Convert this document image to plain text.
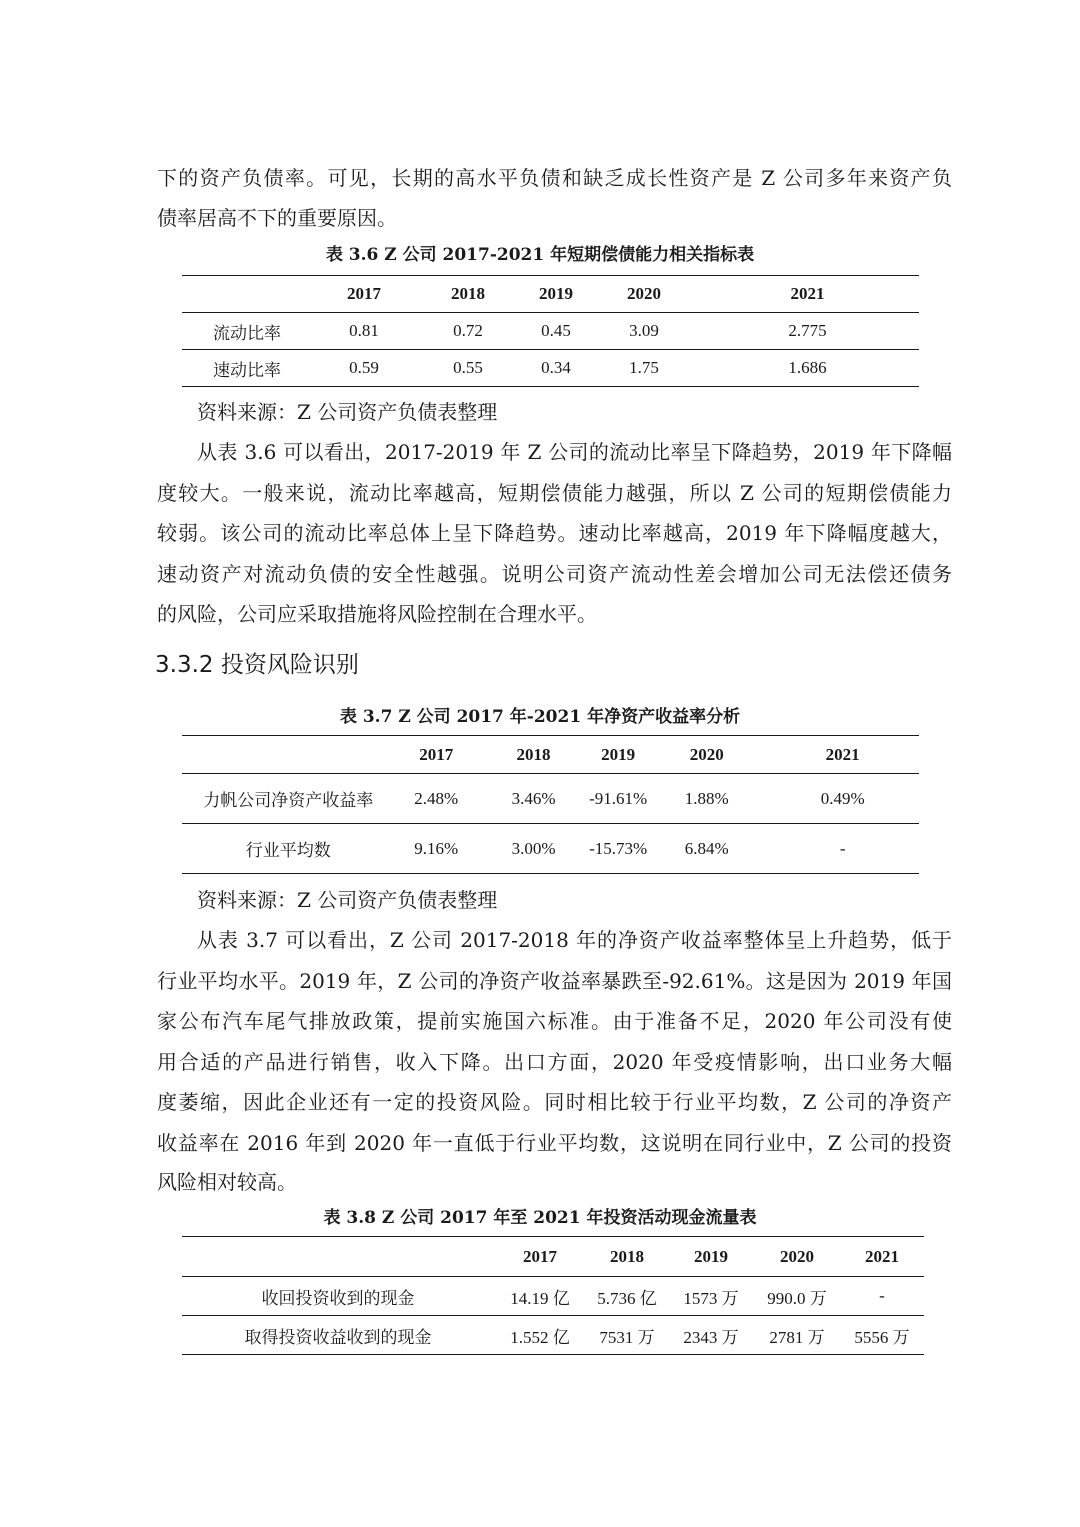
下的资产负债率。可见，长期的高水平负债和缺乏成长性资产是 Z 公司多年来资产负
债率居高不下的重要原因。
表 3.6 Z 公司 2017-2021 年短期偿债能力相关指标表
	2017	2018	2019	2020	2021
流动比率	0.81	0.72	0.45	3.09	2.775
速动比率	0.59	0.55	0.34	1.75	1.686
资料来源：Z 公司资产负债表整理
从表 3.6 可以看出，2017-2019 年 Z 公司的流动比率呈下降趋势，2019 年下降幅
度较大。一般来说，流动比率越高，短期偿债能力越强，所以 Z 公司的短期偿债能力
较弱。该公司的流动比率总体上呈下降趋势。速动比率越高，2019 年下降幅度越大，
速动资产对流动负债的安全性越强。说明公司资产流动性差会增加公司无法偿还债务
的风险，公司应采取措施将风险控制在合理水平。
3.3.2 投资风险识别
表 3.7 Z 公司 2017 年-2021 年净资产收益率分析
	2017	2018	2019	2020	2021
力帆公司净资产收益率	2.48%	3.46%	-91.61%	1.88%	0.49%
行业平均数	9.16%	3.00%	-15.73%	6.84%	-
资料来源：Z 公司资产负债表整理
从表 3.7 可以看出，Z 公司 2017-2018 年的净资产收益率整体呈上升趋势，低于
行业平均水平。2019 年，Z 公司的净资产收益率暴跌至-92.61%。这是因为 2019 年国
家公布汽车尾气排放政策，提前实施国六标准。由于准备不足，2020 年公司没有使
用合适的产品进行销售，收入下降。出口方面，2020 年受疫情影响，出口业务大幅
度萎缩，因此企业还有一定的投资风险。同时相比较于行业平均数，Z 公司的净资产
收益率在 2016 年到 2020 年一直低于行业平均数，这说明在同行业中，Z 公司的投资
风险相对较高。
表 3.8 Z 公司 2017 年至 2021 年投资活动现金流量表
	2017	2018	2019	2020	2021
收回投资收到的现金	14.19 亿	5.736 亿	1573 万	990.0 万	-
取得投资收益收到的现金	1.552 亿	7531 万	2343 万	2781 万	5556 万
